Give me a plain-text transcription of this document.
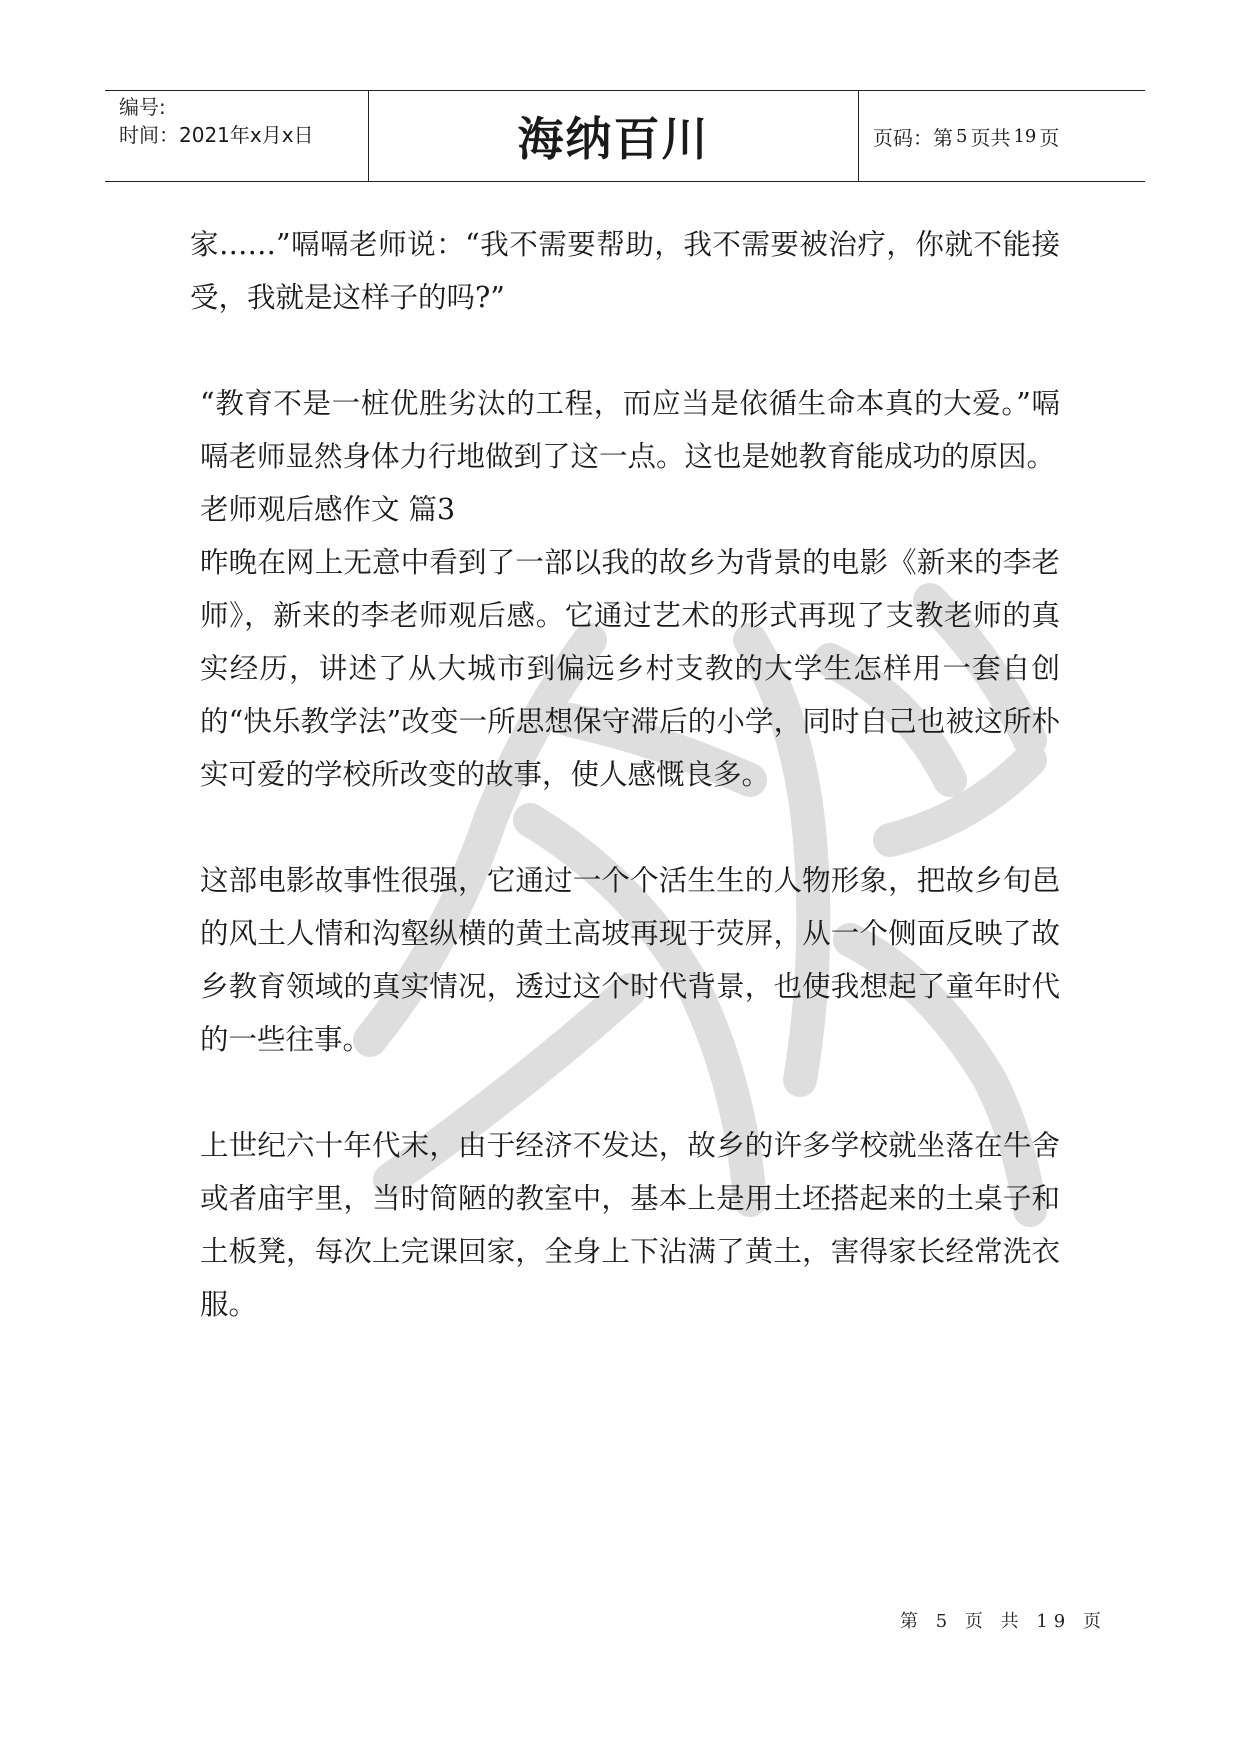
编号:
时间：2021年x月x日	海纳百川	页码：第 5 页共 19 页

家……”嗝嗝老师说：“我不需要帮助，我不需要被治疗，你就不能接受，我就是这样子的吗?”

“教育不是一桩优胜劣汰的工程，而应当是依循生命本真的大爱。”嗝嗝老师显然身体力行地做到了这一点。这也是她教育能成功的原因。

老师观后感作文 篇3

昨晚在网上无意中看到了一部以我的故乡为背景的电影《新来的李老师》，新来的李老师观后感。它通过艺术的形式再现了支教老师的真实经历，讲述了从大城市到偏远乡村支教的大学生怎样用一套自创的“快乐教学法”改变一所思想保守滞后的小学，同时自己也被这所朴实可爱的学校所改变的故事，使人感慨良多。

这部电影故事性很强，它通过一个个活生生的人物形象，把故乡旬邑的风土人情和沟壑纵横的黄土高坡再现于荧屏，从一个侧面反映了故乡教育领域的真实情况，透过这个时代背景，也使我想起了童年时代的一些往事。

上世纪六十年代末，由于经济不发达，故乡的许多学校就坐落在牛舍或者庙宇里，当时简陋的教室中，基本上是用土坯搭起来的土桌子和土板凳，每次上完课回家，全身上下沾满了黄土，害得家长经常洗衣服。

第 5 页 共 19 页
